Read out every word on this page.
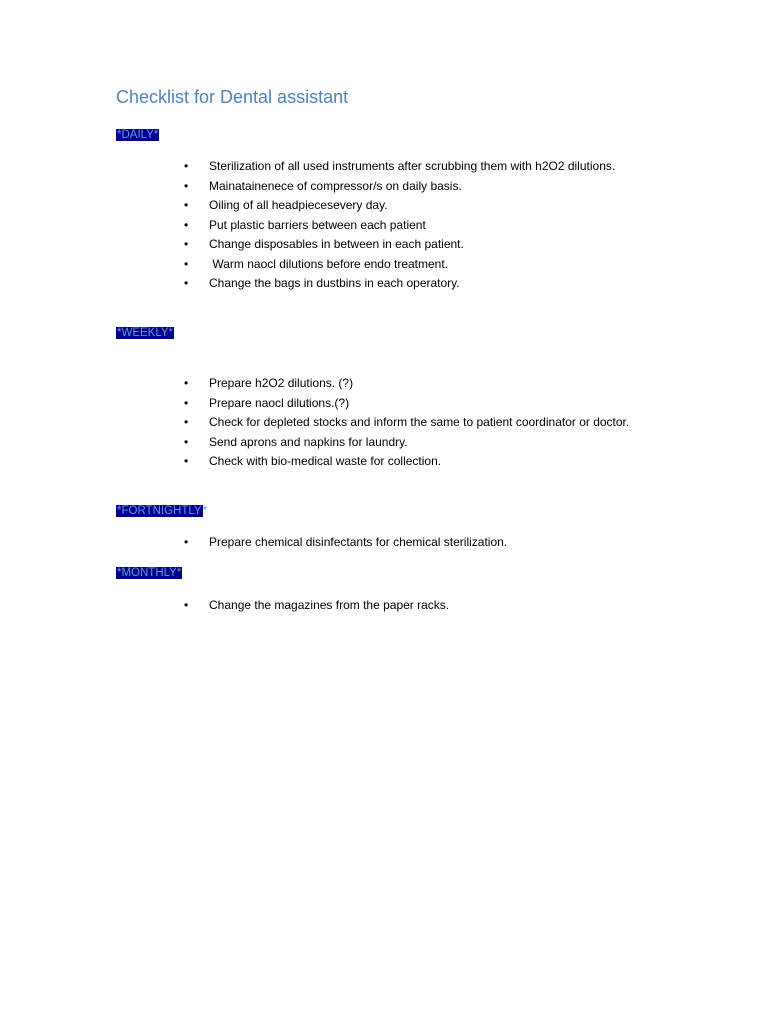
Checklist for Dental assistant
*DAILY*
•	Sterilization of all used instruments after scrubbing them with h2O2 dilutions.
•	Mainatainenece of compressor/s on daily basis.
•	Oiling of all headpiecesevery day.
•	Put plastic barriers between each patient
•	Change disposables in between in each patient.
•	Warm naocl dilutions before endo treatment.
•	Change the bags in dustbins in each operatory.
*WEEKLY*
•	Prepare h2O2 dilutions. (?)
•	Prepare naocl dilutions.(?)
•	Check for depleted stocks and inform the same to patient coordinator or doctor.
•	Send aprons and napkins for laundry.
•	Check with bio-medical waste for collection.
*FORTNIGHTLY*
•	Prepare chemical disinfectants for chemical sterilization.
*MONTHLY*
•	Change the magazines from the paper racks.
